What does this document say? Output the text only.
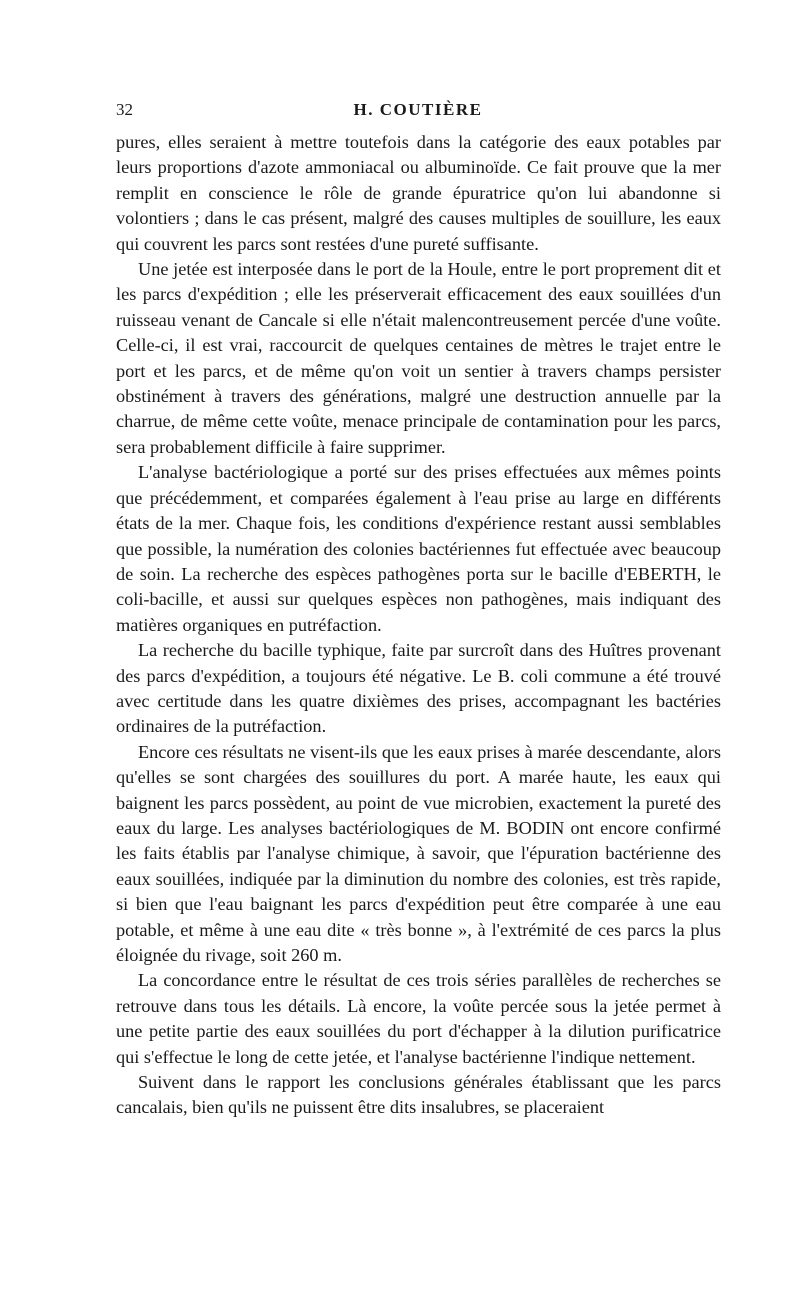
32	H. COUTIÈRE

pures, elles seraient à mettre toutefois dans la catégorie des eaux potables par leurs proportions d'azote ammoniacal ou albuminoïde. Ce fait prouve que la mer remplit en conscience le rôle de grande épuratrice qu'on lui abandonne si volontiers ; dans le cas présent, malgré des causes multiples de souillure, les eaux qui couvrent les parcs sont restées d'une pureté suffisante.

Une jetée est interposée dans le port de la Houle, entre le port proprement dit et les parcs d'expédition ; elle les préserverait efficacement des eaux souillées d'un ruisseau venant de Cancale si elle n'était malencontreusement percée d'une voûte. Celle-ci, il est vrai, raccourcit de quelques centaines de mètres le trajet entre le port et les parcs, et de même qu'on voit un sentier à travers champs persister obstinément à travers des générations, malgré une destruction annuelle par la charrue, de même cette voûte, menace principale de contamination pour les parcs, sera probablement difficile à faire supprimer.

L'analyse bactériologique a porté sur des prises effectuées aux mêmes points que précédemment, et comparées également à l'eau prise au large en différents états de la mer. Chaque fois, les conditions d'expérience restant aussi semblables que possible, la numération des colonies bactériennes fut effectuée avec beaucoup de soin. La recherche des espèces pathogènes porta sur le bacille d'EBERTH, le coli-bacille, et aussi sur quelques espèces non pathogènes, mais indiquant des matières organiques en putréfaction.

La recherche du bacille typhique, faite par surcroît dans des Huîtres provenant des parcs d'expédition, a toujours été négative. Le B. coli commune a été trouvé avec certitude dans les quatre dixièmes des prises, accompagnant les bactéries ordinaires de la putréfaction.

Encore ces résultats ne visent-ils que les eaux prises à marée descendante, alors qu'elles se sont chargées des souillures du port. A marée haute, les eaux qui baignent les parcs possèdent, au point de vue microbien, exactement la pureté des eaux du large. Les analyses bactériologiques de M. BODIN ont encore confirmé les faits établis par l'analyse chimique, à savoir, que l'épuration bactérienne des eaux souillées, indiquée par la diminution du nombre des colonies, est très rapide, si bien que l'eau baignant les parcs d'expédition peut être comparée à une eau potable, et même à une eau dite « très bonne », à l'extrémité de ces parcs la plus éloignée du rivage, soit 260 m.

La concordance entre le résultat de ces trois séries parallèles de recherches se retrouve dans tous les détails. Là encore, la voûte percée sous la jetée permet à une petite partie des eaux souillées du port d'échapper à la dilution purificatrice qui s'effectue le long de cette jetée, et l'analyse bactérienne l'indique nettement.

Suivent dans le rapport les conclusions générales établissant que les parcs cancalais, bien qu'ils ne puissent être dits insalubres, se placeraient
